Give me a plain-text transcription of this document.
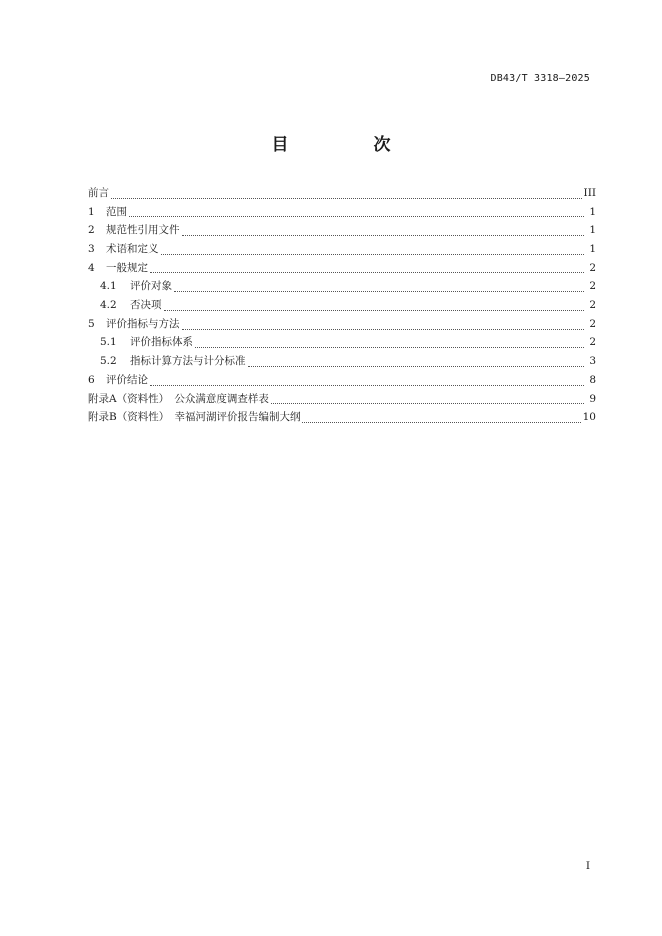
DB43/T 3318—2025
目　次
前言	III
1	范围	1
2	规范性引用文件	1
3	术语和定义	1
4	一般规定	2
4.1	评价对象	2
4.2	否决项	2
5	评价指标与方法	2
5.1	评价指标体系	2
5.2	指标计算方法与计分标准	3
6	评价结论	8
附录A（资料性）　公众满意度调查样表	9
附录B（资料性）　幸福河湖评价报告编制大纲	10
I
